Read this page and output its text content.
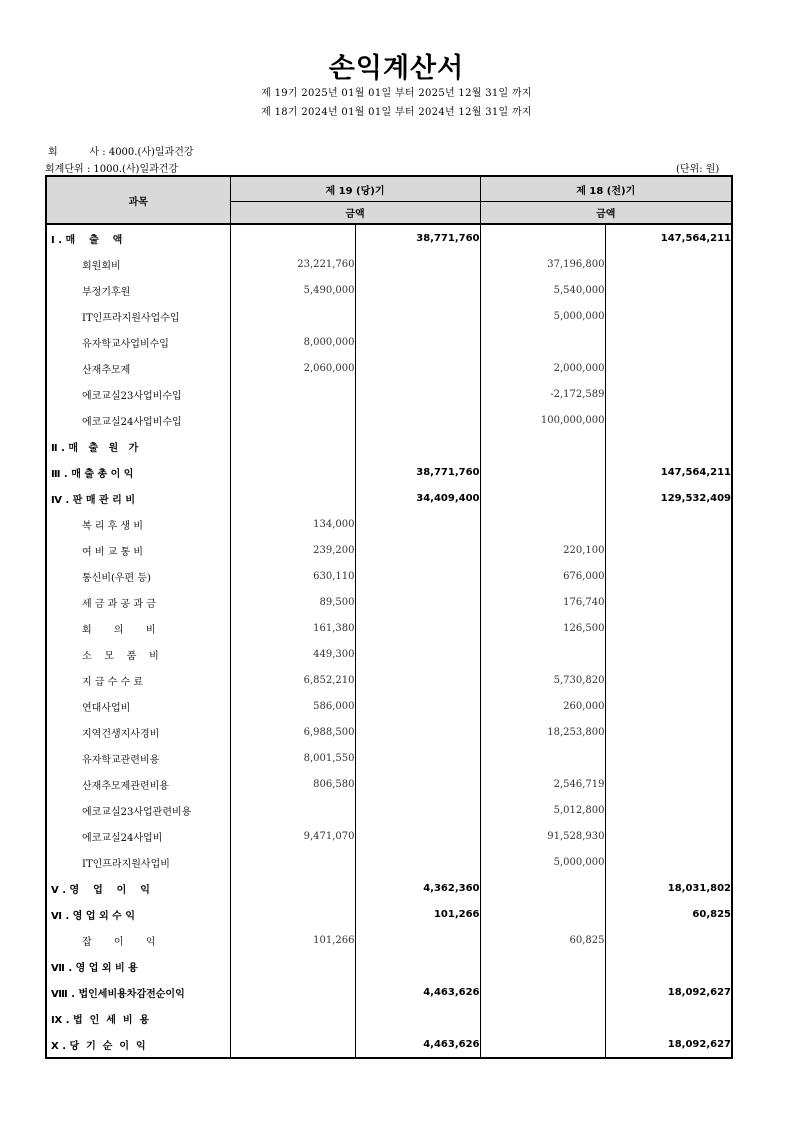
손익계산서
제 19기 2025년 01월 01일 부터 2025년 12월 31일 까지
제 18기 2024년 01월 01일 부터 2024년 12월 31일 까지
회          사 : 4000.(사)일과건강
회계단위 : 1000.(사)일과건강	(단위: 원)
과목	제 19 (당)기		제 18 (전)기	
	금액		금액	
Ⅰ . 매    출    액		38,771,760		147,564,211
회원회비	23,221,760		37,196,800	
부정기후원	5,490,000		5,540,000	
IT인프라지원사업수입			5,000,000	
유자학교사업비수입	8,000,000			
산재추모제	2,060,000		2,000,000	
에코교실23사업비수입			-2,172,589	
에코교실24사업비수입			100,000,000	
Ⅱ . 매   출   원   가				
Ⅲ . 매 출 총 이 익		38,771,760		147,564,211
Ⅳ . 판 매 관 리 비		34,409,400		129,532,409
복 리 후 생 비	134,000			
여 비 교 통 비	239,200		220,100	
통신비(우편 등)	630,110		676,000	
세 금 과 공 과 금	89,500		176,740	
회       의       비	161,380		126,500	
소    모    품    비	449,300			
지 급 수 수 료	6,852,210		5,730,820	
연대사업비	586,000		260,000	
지역건생지사경비	6,988,500		18,253,800	
유자학교관련비용	8,001,550			
산재추모제관련비용	806,580		2,546,719	
에코교실23사업관련비용			5,012,800	
에코교실24사업비	9,471,070		91,528,930	
IT인프라지원사업비			5,000,000	
Ⅴ . 영    업    이    익		4,362,360		18,031,802
Ⅵ . 영 업 외 수 익		101,266		60,825
잡       이       익	101,266		60,825	
Ⅶ . 영 업 외 비 용				
Ⅷ . 법인세비용차감전순이익		4,463,626		18,092,627
Ⅸ . 법  인  세  비  용				
Ⅹ . 당  기  순  이  익		4,463,626		18,092,627
